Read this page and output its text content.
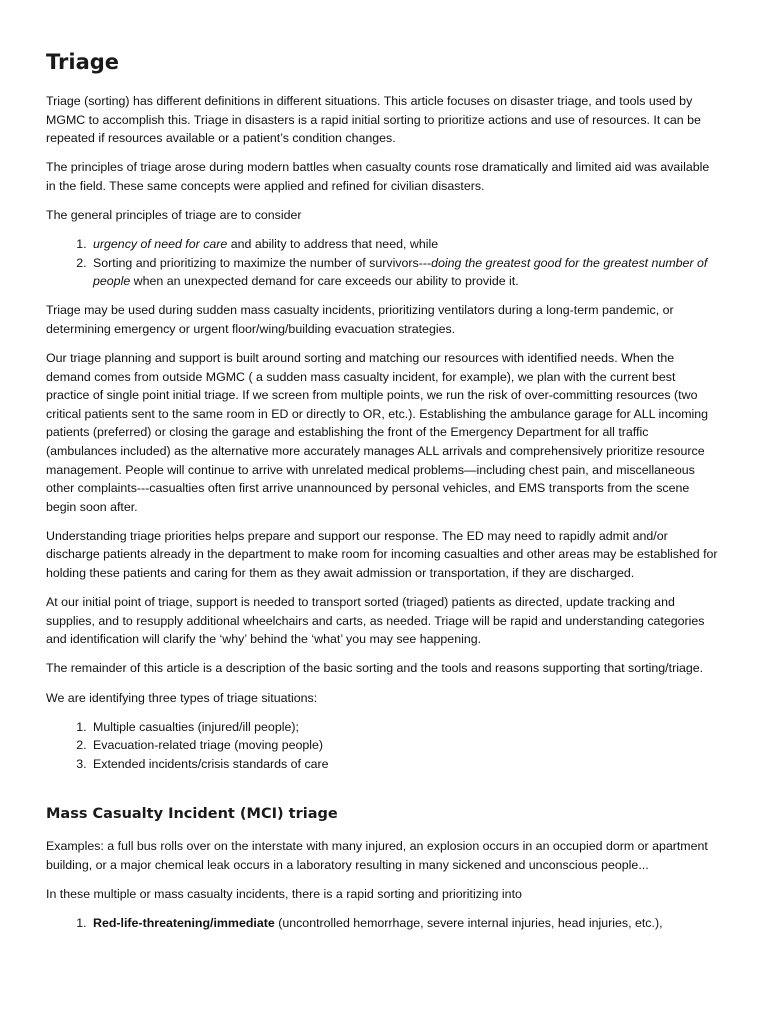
Triage

Triage (sorting) has different definitions in different situations. This article focuses on disaster triage, and tools used by MGMC to accomplish this. Triage in disasters is a rapid initial sorting to prioritize actions and use of resources. It can be repeated if resources available or a patient’s condition changes.

The principles of triage arose during modern battles when casualty counts rose dramatically and limited aid was available in the field. These same concepts were applied and refined for civilian disasters.

The general principles of triage are to consider

1. urgency of need for care and ability to address that need, while
2. Sorting and prioritizing to maximize the number of survivors---doing the greatest good for the greatest number of people when an unexpected demand for care exceeds our ability to provide it.

Triage may be used during sudden mass casualty incidents, prioritizing ventilators during a long-term pandemic, or determining emergency or urgent floor/wing/building evacuation strategies.

Our triage planning and support is built around sorting and matching our resources with identified needs. When the demand comes from outside MGMC ( a sudden mass casualty incident, for example), we plan with the current best practice of single point initial triage. If we screen from multiple points, we run the risk of over-committing resources (two critical patients sent to the same room in ED or directly to OR, etc.). Establishing the ambulance garage for ALL incoming patients (preferred) or closing the garage and establishing the front of the Emergency Department for all traffic (ambulances included) as the alternative more accurately manages ALL arrivals and comprehensively prioritize resource management. People will continue to arrive with unrelated medical problems—including chest pain, and miscellaneous other complaints---casualties often first arrive unannounced by personal vehicles, and EMS transports from the scene begin soon after.

Understanding triage priorities helps prepare and support our response. The ED may need to rapidly admit and/or discharge patients already in the department to make room for incoming casualties and other areas may be established for holding these patients and caring for them as they await admission or transportation, if they are discharged.

At our initial point of triage, support is needed to transport sorted (triaged) patients as directed, update tracking and supplies, and to resupply additional wheelchairs and carts, as needed. Triage will be rapid and understanding categories and identification will clarify the ‘why’ behind the ‘what’ you may see happening.

The remainder of this article is a description of the basic sorting and the tools and reasons supporting that sorting/triage.

We are identifying three types of triage situations:

1. Multiple casualties (injured/ill people);
2. Evacuation-related triage (moving people)
3. Extended incidents/crisis standards of care
Mass Casualty Incident (MCI) triage

Examples: a full bus rolls over on the interstate with many injured, an explosion occurs in an occupied dorm or apartment building, or a major chemical leak occurs in a laboratory resulting in many sickened and unconscious people...

In these multiple or mass casualty incidents, there is a rapid sorting and prioritizing into

1. Red-life-threatening/immediate (uncontrolled hemorrhage, severe internal injuries, head injuries, etc.),
